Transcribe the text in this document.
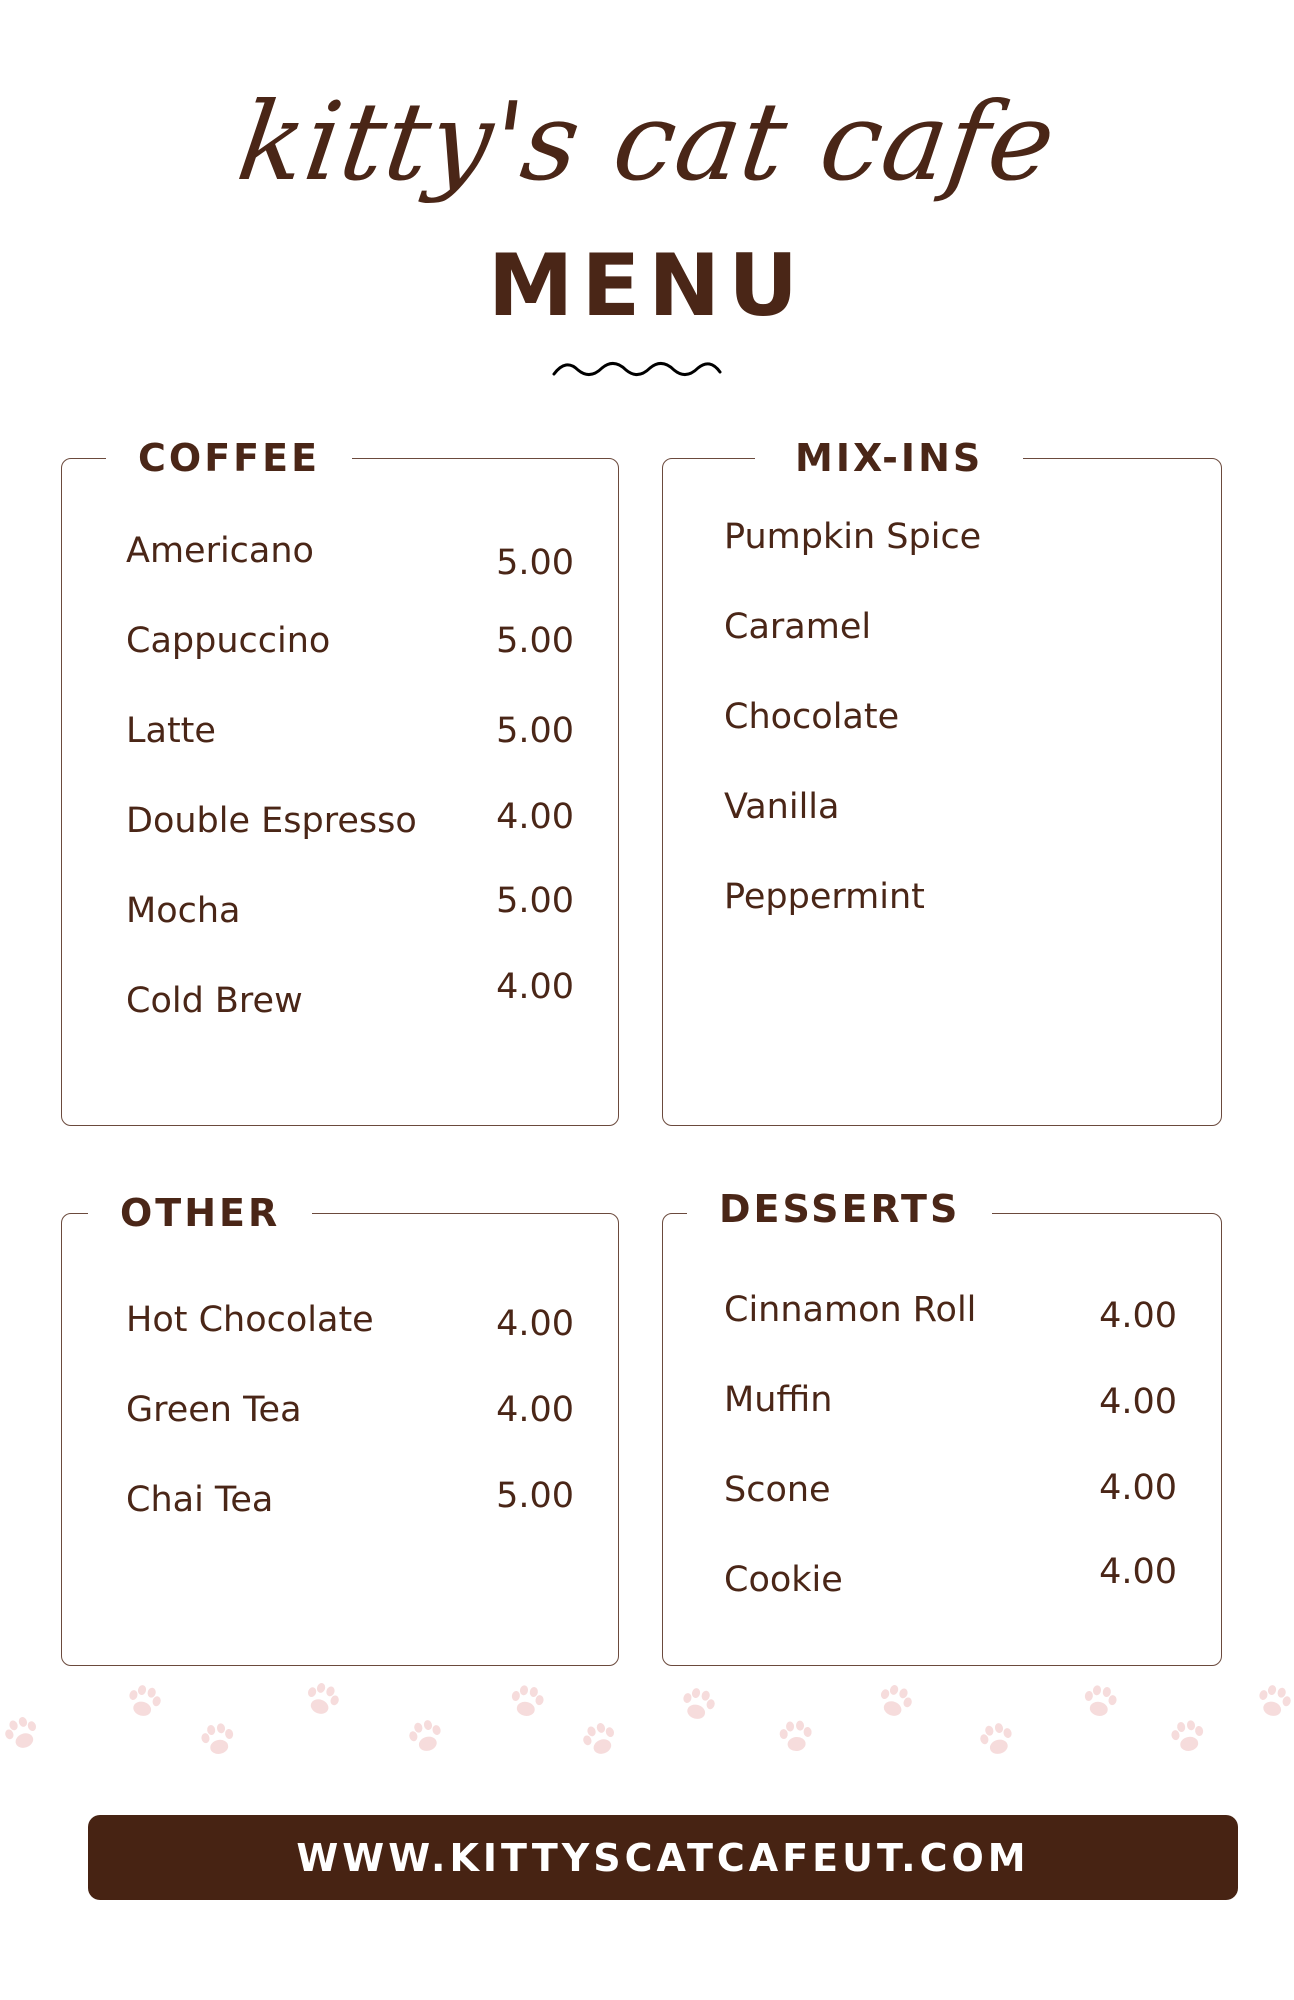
kitty's cat cafe
MENU
COFFEE
Americano	5.00
Cappuccino	5.00
Latte	5.00
Double Espresso 4.00
Mocha	5.00
Cold Brew	4.00
MIX-INS
Pumpkin Spice
Caramel
Chocolate
Vanilla
Peppermint
OTHER
Hot Chocolate	4.00
Green Tea	4.00
Chai Tea	5.00
DESSERTS
Cinnamon Roll	4.00
Muffin	4.00
Scone	4.00
Cookie	4.00
WWW.KITTYSCATCAFEUT.COM
